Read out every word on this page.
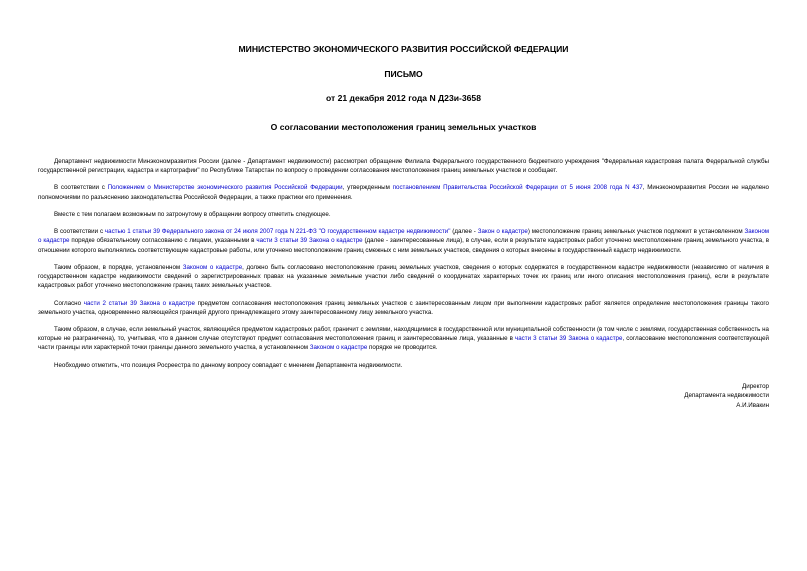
МИНИСТЕРСТВО ЭКОНОМИЧЕСКОГО РАЗВИТИЯ РОССИЙСКОЙ ФЕДЕРАЦИИ
ПИСЬМО
от 21 декабря 2012 года N Д23и-3658
О согласовании местоположения границ земельных участков

Департамент недвижимости Минэкономразвития России (далее - Департамент недвижимости) рассмотрел обращение Филиала Федерального государственного бюджетного учреждения "Федеральная кадастровая палата Федеральной службы государственной регистрации, кадастра и картографии" по Республике Татарстан по вопросу о проведении согласования местоположения границ земельных участков и сообщает.

В соответствии с Положением о Министерстве экономического развития Российской Федерации, утвержденным постановлением Правительства Российской Федерации от 5 июня 2008 года N 437, Минэкономразвития России не наделено полномочиями по разъяснению законодательства Российской Федерации, а также практики его применения.

Вместе с тем полагаем возможным по затронутому в обращении вопросу отметить следующее.

В соответствии с частью 1 статьи 39 Федерального закона от 24 июля 2007 года N 221-ФЗ "О государственном кадастре недвижимости" (далее - Закон о кадастре) местоположение границ земельных участков подлежит в установленном Законом о кадастре порядке обязательному согласованию с лицами, указанными в части 3 статьи 39 Закона о кадастре (далее - заинтересованные лица), в случае, если в результате кадастровых работ уточнено местоположение границ земельного участка, в отношении которого выполнялись соответствующие кадастровые работы, или уточнено местоположение границ смежных с ним земельных участков, сведения о которых внесены в государственный кадастр недвижимости.

Таким образом, в порядке, установленном Законом о кадастре, должно быть согласовано местоположение границ земельных участков, сведения о которых содержатся в государственном кадастре недвижимости (независимо от наличия в государственном кадастре недвижимости сведений о зарегистрированных правах на указанные земельные участки либо сведений о координатах характерных точек их границ или иного описания местоположения границ), если в результате кадастровых работ уточнено местоположение границ таких земельных участков.

Согласно части 2 статьи 39 Закона о кадастре предметом согласования местоположения границ земельных участков с заинтересованным лицом при выполнении кадастровых работ является определение местоположения границы такого земельного участка, одновременно являющейся границей другого принадлежащего этому заинтересованному лицу земельного участка.

Таким образом, в случае, если земельный участок, являющийся предметом кадастровых работ, граничит с землями, находящимися в государственной или муниципальной собственности (в том числе с землями, государственная собственность на которые не разграничена), то, учитывая, что в данном случае отсутствуют предмет согласования местоположения границ и заинтересованные лица, указанные в части 3 статьи 39 Закона о кадастре, согласование местоположения соответствующей части границы или характерной точки границы данного земельного участка, в установленном Законом о кадастре порядке не проводится.

Необходимо отметить, что позиция Росреестра по данному вопросу совпадает с мнением Департамента недвижимости.

Директор
Департамента недвижимости
А.И.Ивакин
